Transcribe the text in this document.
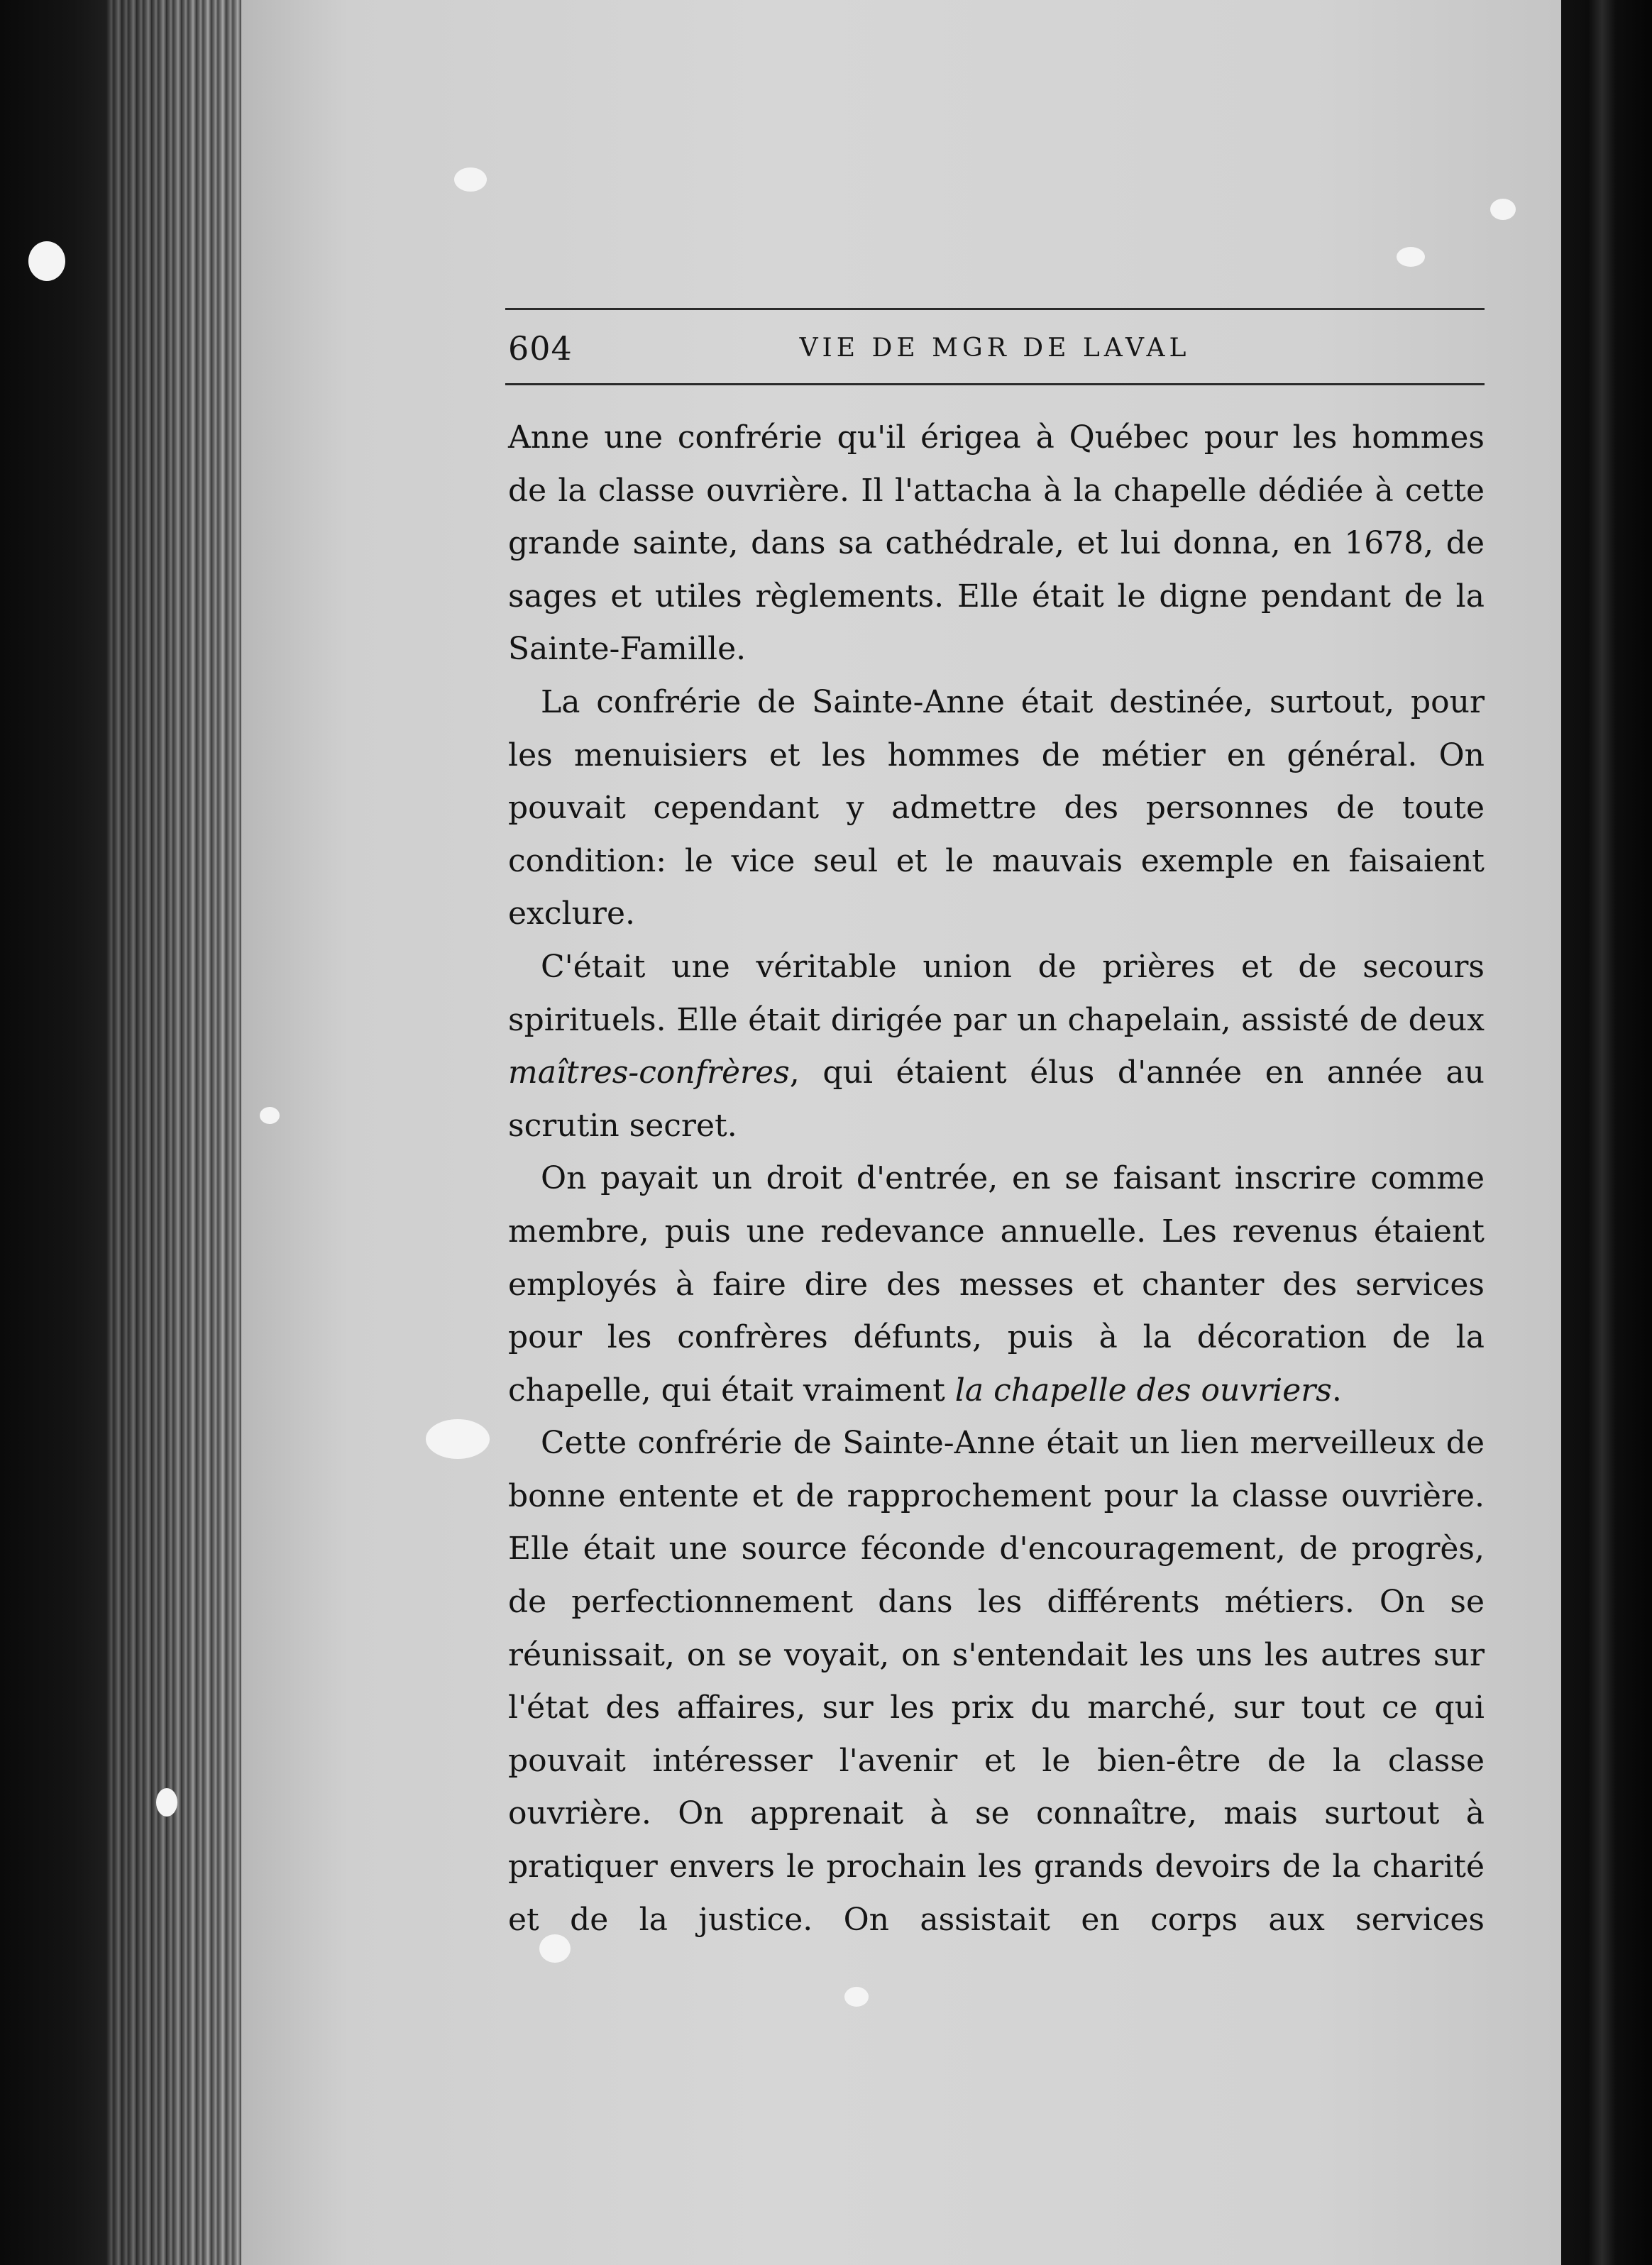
604	VIE DE MGR DE LAVAL

Anne une confrérie qu'il érigea à Québec pour les hommes de la classe ouvrière. Il l'attacha à la chapelle dédiée à cette grande sainte, dans sa cathédrale, et lui donna, en 1678, de sages et utiles règlements. Elle était le digne pendant de la Sainte-Famille.

La confrérie de Sainte-Anne était destinée, surtout, pour les menuisiers et les hommes de métier en général. On pouvait cependant y admettre des personnes de toute condition: le vice seul et le mauvais exemple en faisaient exclure.

C'était une véritable union de prières et de secours spirituels. Elle était dirigée par un chapelain, assisté de deux maîtres-confrères, qui étaient élus d'année en année au scrutin secret.

On payait un droit d'entrée, en se faisant inscrire comme membre, puis une redevance annuelle. Les revenus étaient employés à faire dire des messes et chanter des services pour les confrères défunts, puis à la décoration de la chapelle, qui était vraiment la chapelle des ouvriers.

Cette confrérie de Sainte-Anne était un lien merveilleux de bonne entente et de rapprochement pour la classe ouvrière. Elle était une source féconde d'encouragement, de progrès, de perfectionnement dans les différents métiers. On se réunissait, on se voyait, on s'entendait les uns les autres sur l'état des affaires, sur les prix du marché, sur tout ce qui pouvait intéresser l'avenir et le bien-être de la classe ouvrière. On apprenait à se connaître, mais surtout à pratiquer envers le prochain les grands devoirs de la charité et de la justice. On assistait en corps aux services
